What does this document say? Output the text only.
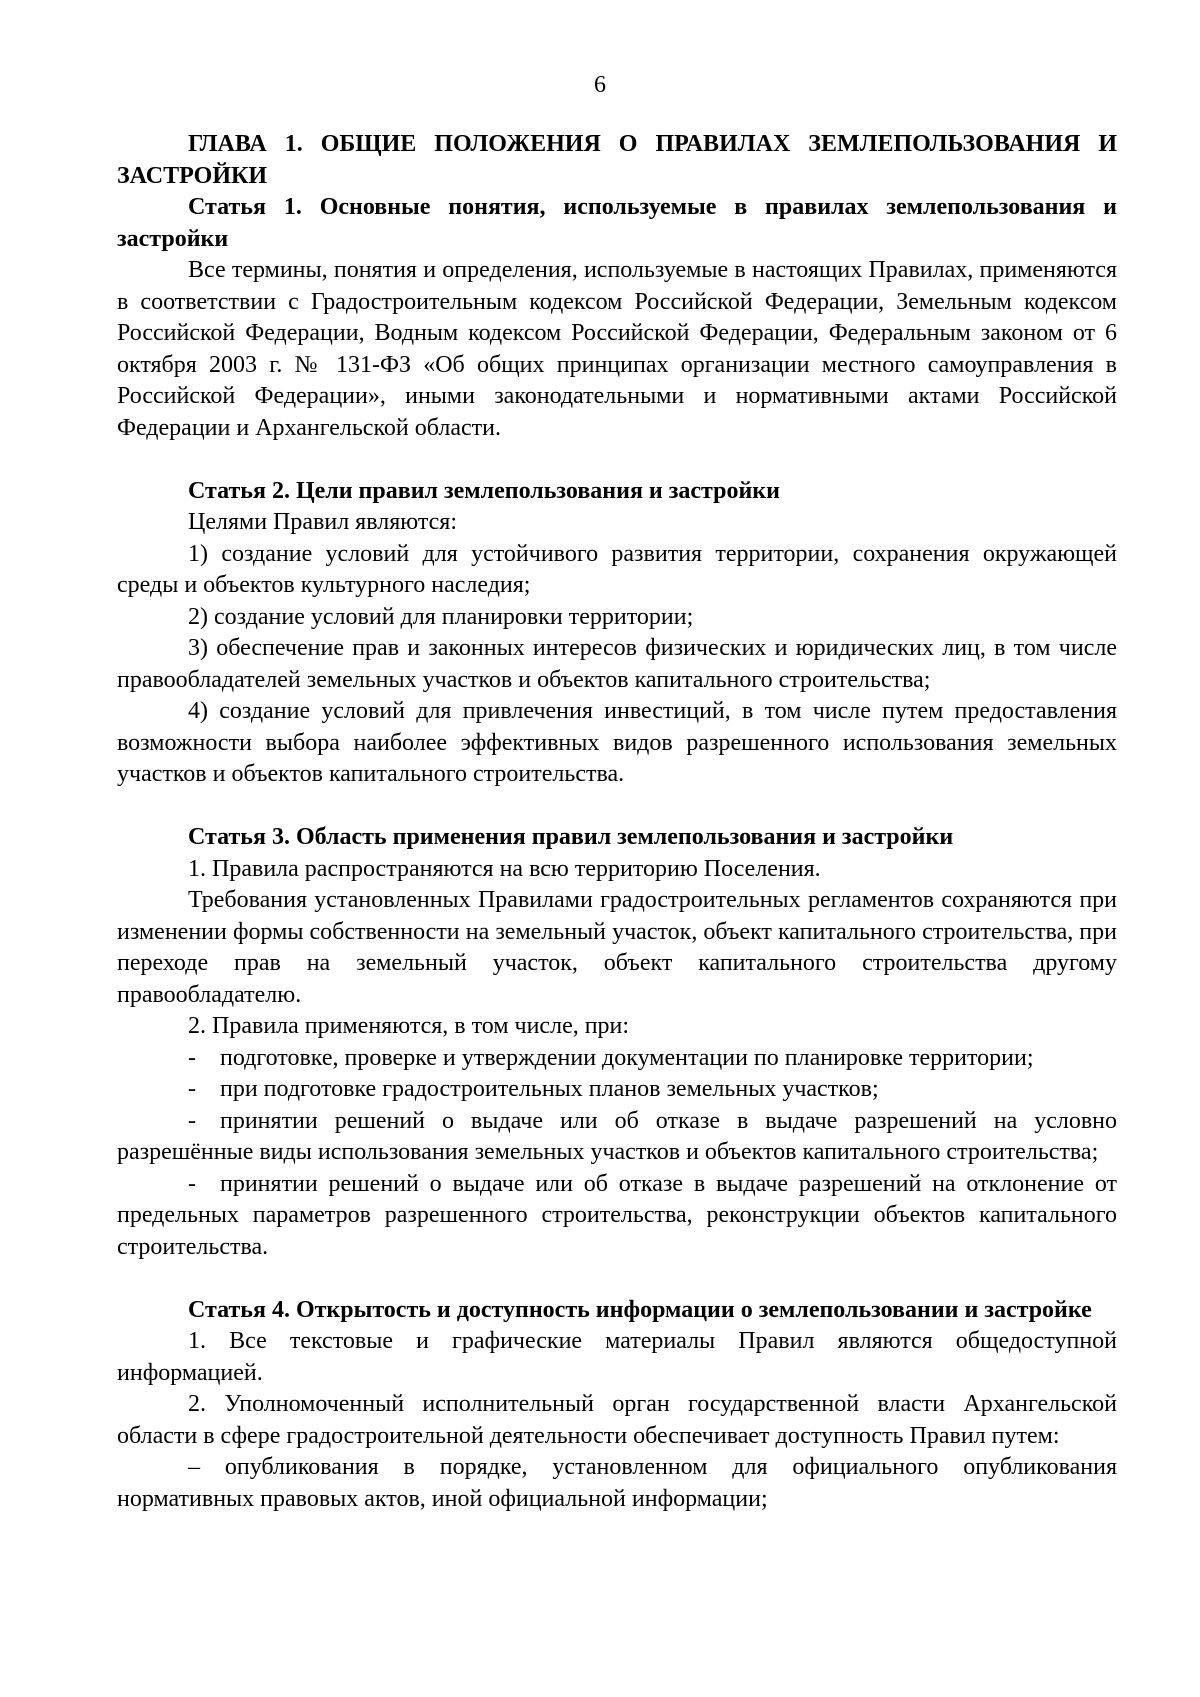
6

ГЛАВА 1. ОБЩИЕ ПОЛОЖЕНИЯ О ПРАВИЛАХ ЗЕМЛЕПОЛЬЗОВАНИЯ И ЗАСТРОЙКИ

Статья 1. Основные понятия, используемые в правилах землепользования и застройки

Все термины, понятия и определения, используемые в настоящих Правилах, применяются в соответствии с Градостроительным кодексом Российской Федерации, Земельным кодексом Российской Федерации, Водным кодексом Российской Федерации, Федеральным законом от 6 октября 2003 г. № 131-ФЗ «Об общих принципах организации местного самоуправления в Российской Федерации», иными законодательными и нормативными актами Российской Федерации и Архангельской области.

Статья 2. Цели правил землепользования и застройки

Целями Правил являются:

1) создание условий для устойчивого развития территории, сохранения окружающей среды и объектов культурного наследия;

2) создание условий для планировки территории;

3) обеспечение прав и законных интересов физических и юридических лиц, в том числе правообладателей земельных участков и объектов капитального строительства;

4) создание условий для привлечения инвестиций, в том числе путем предоставления возможности выбора наиболее эффективных видов разрешенного использования земельных участков и объектов капитального строительства.

Статья 3. Область применения правил землепользования и застройки

1. Правила распространяются на всю территорию Поселения.

Требования установленных Правилами градостроительных регламентов сохраняются при изменении формы собственности на земельный участок, объект капитального строительства, при переходе прав на земельный участок, объект капитального строительства другому правообладателю.

2. Правила применяются, в том числе, при:

- подготовке, проверке и утверждении документации по планировке территории;

- при подготовке градостроительных планов земельных участков;

- принятии решений о выдаче или об отказе в выдаче разрешений на условно разрешённые виды использования земельных участков и объектов капитального строительства;

- принятии решений о выдаче или об отказе в выдаче разрешений на отклонение от предельных параметров разрешенного строительства, реконструкции объектов капитального строительства.

Статья 4. Открытость и доступность информации о землепользовании и застройке

1. Все текстовые и графические материалы Правил являются общедоступной информацией.

2. Уполномоченный исполнительный орган государственной власти Архангельской области в сфере градостроительной деятельности обеспечивает доступность Правил путем:

– опубликования в порядке, установленном для официального опубликования нормативных правовых актов, иной официальной информации;
